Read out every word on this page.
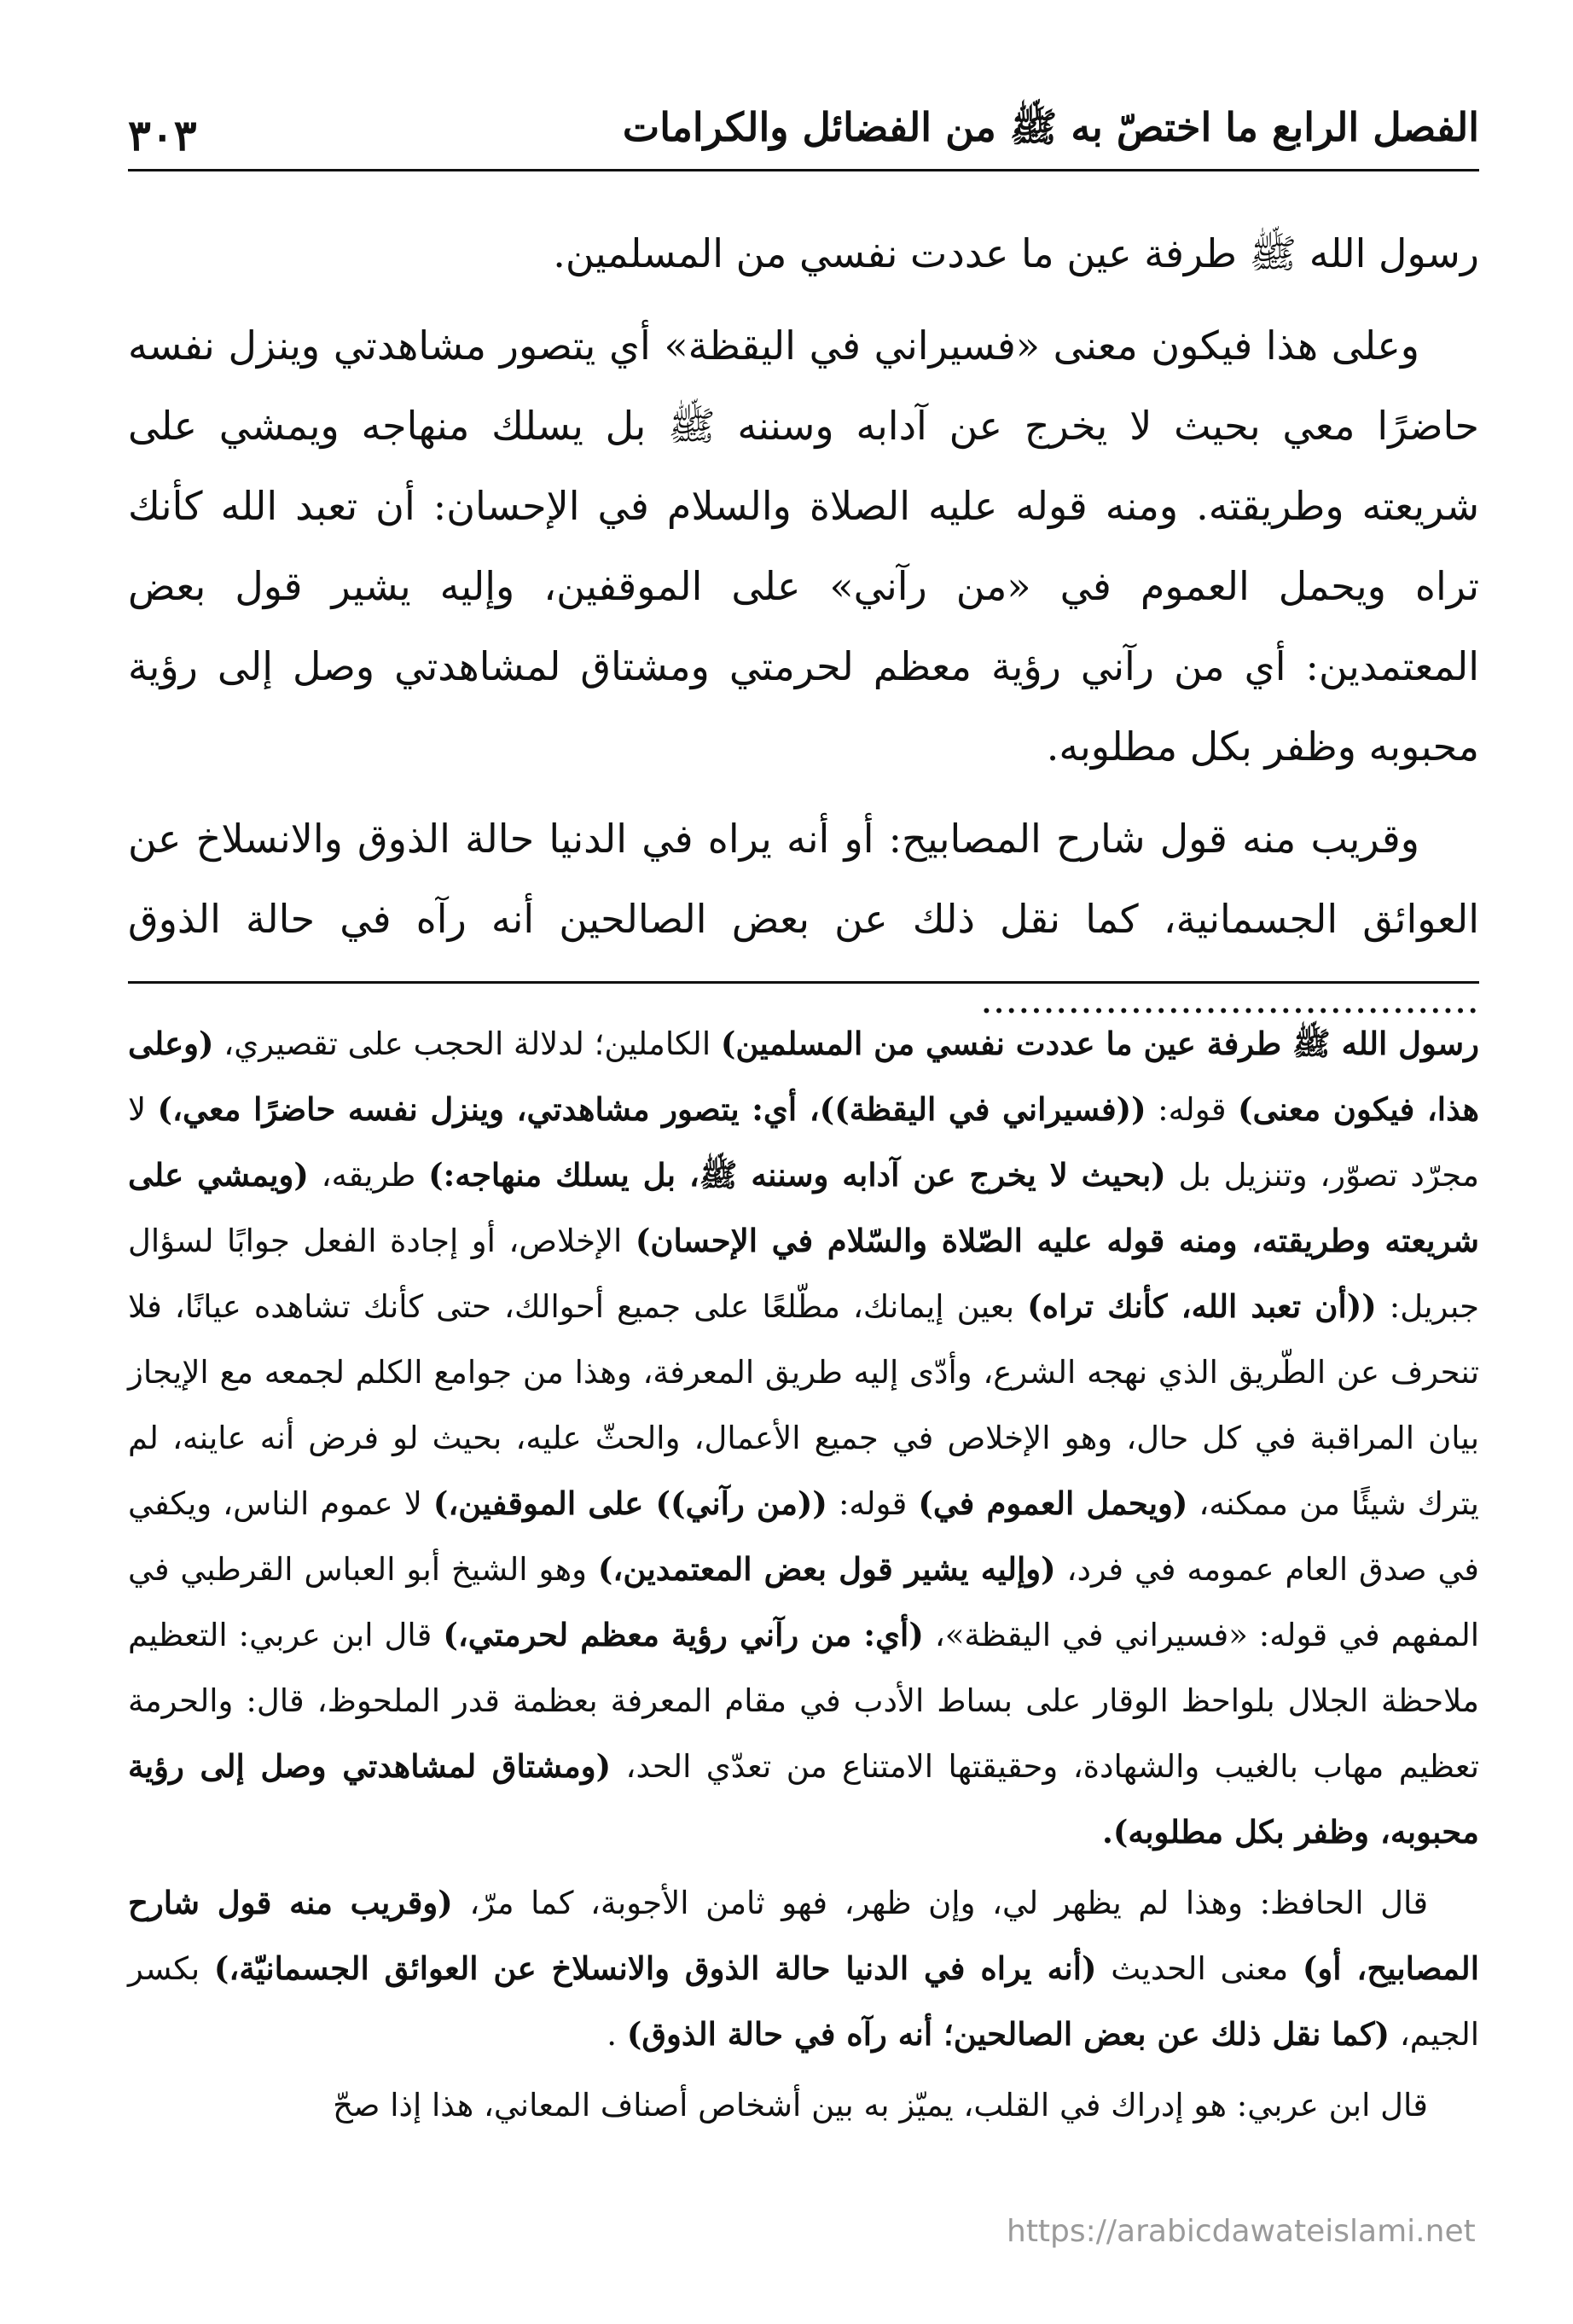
الفصل الرابع ما اختصّ به ﷺ من الفضائل والكرامات
٣٠٣

رسول الله ﷺ طرفة عين ما عددت نفسي من المسلمين.

وعلى هذا فيكون معنى «فسيراني في اليقظة» أي يتصور مشاهدتي وينزل نفسه حاضرًا معي بحيث لا يخرج عن آدابه وسننه ﷺ بل يسلك منهاجه ويمشي على شريعته وطريقته. ومنه قوله عليه الصلاة والسلام في الإحسان: أن تعبد الله كأنك تراه ويحمل العموم في «من رآني» على الموقفين، وإليه يشير قول بعض المعتمدين: أي من رآني رؤية معظم لحرمتي ومشتاق لمشاهدتي وصل إلى رؤية محبوبه وظفر بكل مطلوبه.

وقريب منه قول شارح المصابيح: أو أنه يراه في الدنيا حالة الذوق والانسلاخ عن العوائق الجسمانية، كما نقل ذلك عن بعض الصالحين أنه رآه في حالة الذوق ........................................

رسول الله ﷺ طرفة عين ما عددت نفسي من المسلمين) الكاملين؛ لدلالة الحجب على تقصيري، (وعلى هذا، فيكون معنى) قوله: ((فسيراني في اليقظة))، أي: يتصور مشاهدتي، وينزل نفسه حاضرًا معي،) لا مجرّد تصوّر، وتنزيل بل (بحيث لا يخرج عن آدابه وسننه ﷺ، بل يسلك منهاجه:) طريقه، (ويمشي على شريعته وطريقته، ومنه قوله عليه الصّلاة والسّلام في الإحسان) الإخلاص، أو إجادة الفعل جوابًا لسؤال جبريل: ((أن تعبد الله، كأنك تراه) بعين إيمانك، مطّلعًا على جميع أحوالك، حتى كأنك تشاهده عيانًا، فلا تنحرف عن الطّريق الذي نهجه الشرع، وأدّى إليه طريق المعرفة، وهذا من جوامع الكلم لجمعه مع الإيجاز بيان المراقبة في كل حال، وهو الإخلاص في جميع الأعمال، والحثّ عليه، بحيث لو فرض أنه عاينه، لم يترك شيئًا من ممكنه، (ويحمل العموم في) قوله: ((من رآني)) على الموقفين،) لا عموم الناس، ويكفي في صدق العام عمومه في فرد، (وإليه يشير قول بعض المعتمدين،) وهو الشيخ أبو العباس القرطبي في المفهم في قوله: «فسيراني في اليقظة»، (أي: من رآني رؤية معظم لحرمتي،) قال ابن عربي: التعظيم ملاحظة الجلال بلواحظ الوقار على بساط الأدب في مقام المعرفة بعظمة قدر الملحوظ، قال: والحرمة تعظيم مهاب بالغيب والشهادة، وحقيقتها الامتناع من تعدّي الحد، (ومشتاق لمشاهدتي وصل إلى رؤية محبوبه، وظفر بكل مطلوبه).

قال الحافظ: وهذا لم يظهر لي، وإن ظهر، فهو ثامن الأجوبة، كما مرّ، (وقريب منه قول شارح المصابيح، أو) معنى الحديث (أنه يراه في الدنيا حالة الذوق والانسلاخ عن العوائق الجسمانيّة،) بكسر الجيم، (كما نقل ذلك عن بعض الصالحين؛ أنه رآه في حالة الذوق) .

قال ابن عربي: هو إدراك في القلب، يميّز به بين أشخاص أصناف المعاني، هذا إذا صحّ

https://arabicdawateislami.net
